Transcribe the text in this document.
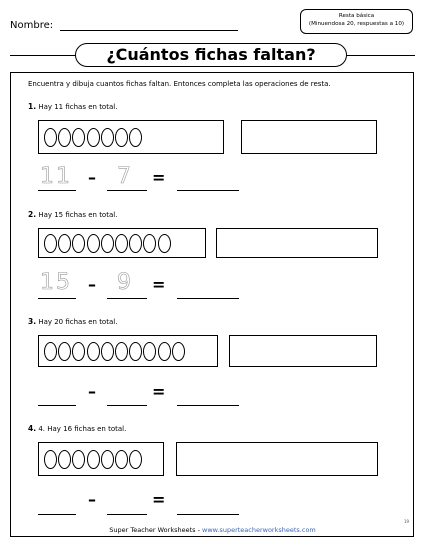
Nombre:
Resta básica
(Minuendosa 20, respuestas a 10)
¿Cuántos fichas faltan?
Encuentra y dibuja cuantos fichas faltan. Entonces completa las operaciones de resta.
1. Hay 11 fichas en total.
11 – 7 =
2. Hay 15 fichas en total.
15 – 9 =
3. Hay 20 fichas en total.
–	=
4. 4. Hay 16 fichas en total.
–	=
Super Teacher Worksheets - www.superteacherworksheets.com
19
